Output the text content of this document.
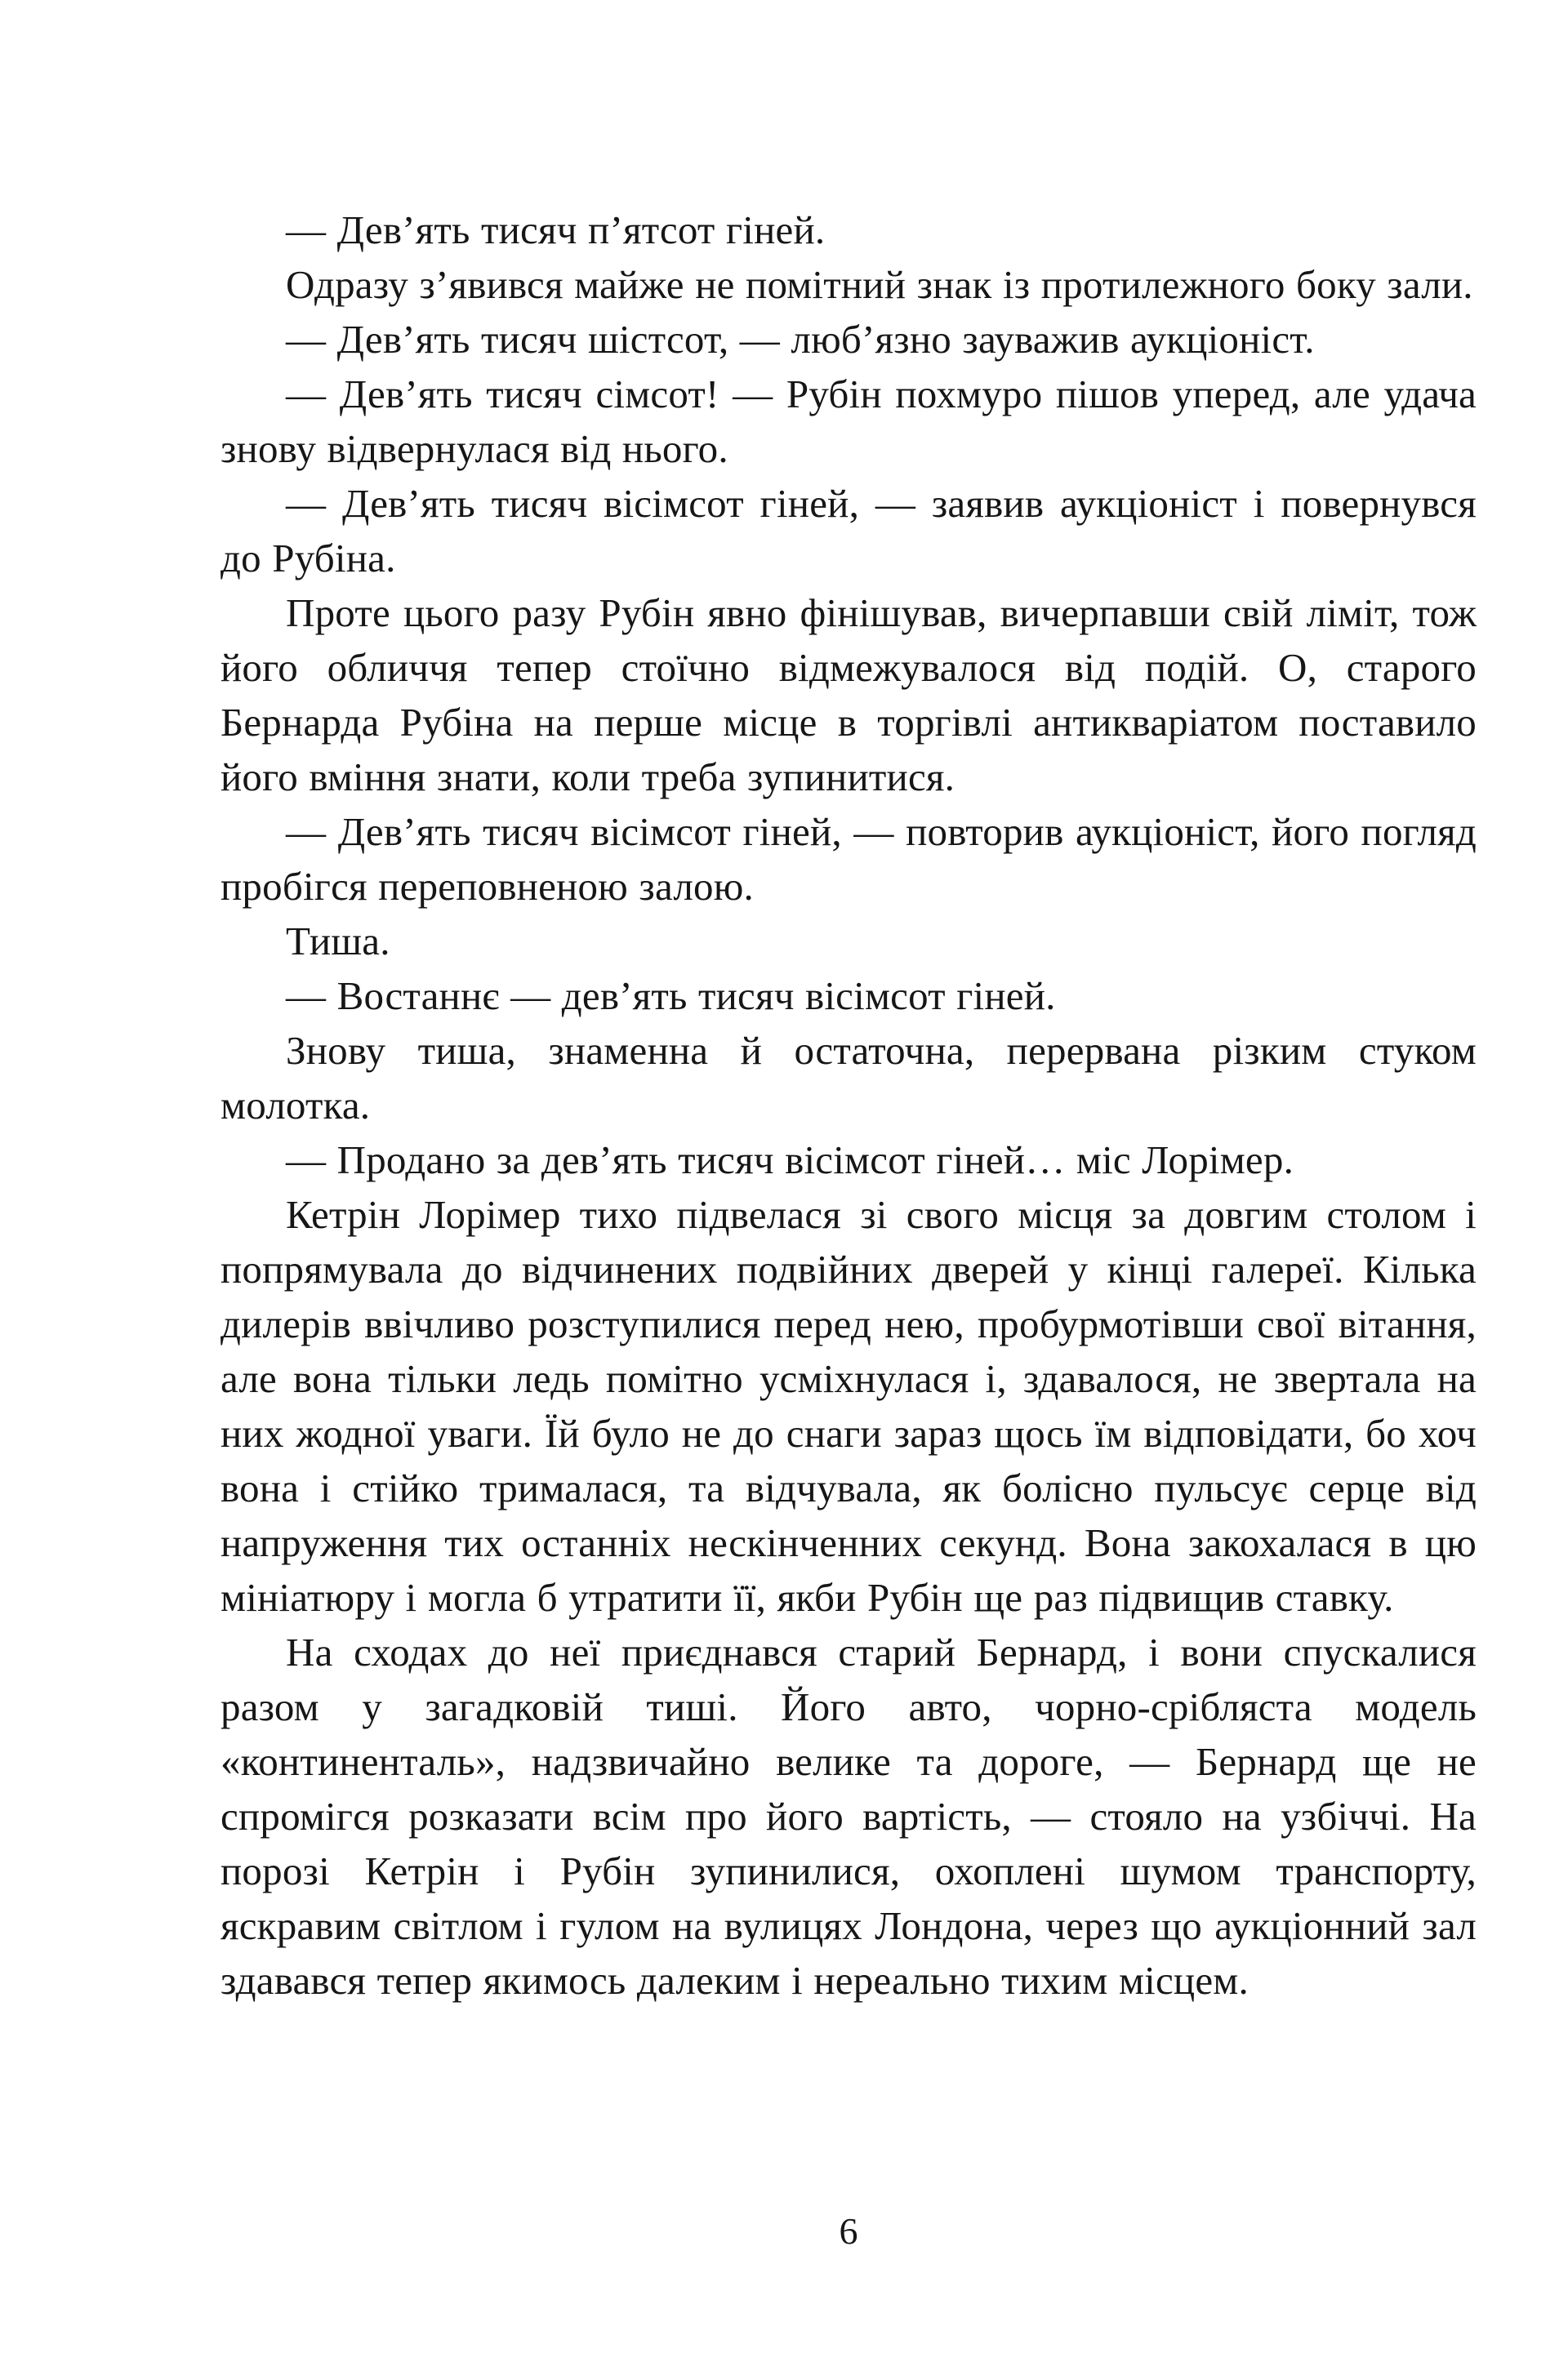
— Дев’ять тисяч п’ятсот гіней.

Одразу з’явився майже не помітний знак із протилежного боку зали.

— Дев’ять тисяч шістсот, — люб’язно зауважив аукціоніст.

— Дев’ять тисяч сімсот! — Рубін похмуро пішов уперед, але удача знову відвернулася від нього.

— Дев’ять тисяч вісімсот гіней, — заявив аукціоніст і повернувся до Рубіна.

Проте цього разу Рубін явно фінішував, вичерпавши свій ліміт, тож його обличчя тепер стоїчно відмежувалося від подій. О, старого Бернарда Рубіна на перше місце в торгівлі антикваріатом поставило його вміння знати, коли треба зупинитися.

— Дев’ять тисяч вісімсот гіней, — повторив аукціоніст, його погляд пробігся переповненою залою.

Тиша.

— Востаннє — дев’ять тисяч вісімсот гіней.

Знову тиша, знаменна й остаточна, перервана різким стуком молотка.

— Продано за дев’ять тисяч вісімсот гіней… міс Лорімер.

Кетрін Лорімер тихо підвелася зі свого місця за довгим столом і попрямувала до відчинених подвійних дверей у кінці галереї. Кілька дилерів ввічливо розступилися перед нею, пробурмотівши свої вітання, але вона тільки ледь помітно усміхнулася і, здавалося, не звертала на них жодної уваги. Їй було не до снаги зараз щось їм відповідати, бо хоч вона і стійко трималася, та відчувала, як болісно пульсує серце від напруження тих останніх нескінченних секунд. Вона закохалася в цю мініатюру і могла б утратити її, якби Рубін ще раз підвищив ставку.

На сходах до неї приєднався старий Бернард, і вони спускалися разом у загадковій тиші. Його авто, чорно-срібляста модель «континенталь», надзвичайно велике та дороге, — Бернард ще не спромігся розказати всім про його вартість, — стояло на узбіччі. На порозі Кетрін і Рубін зупинилися, охоплені шумом транспорту, яскравим світлом і гулом на вулицях Лондона, через що аукціонний зал здавався тепер якимось далеким і нереально тихим місцем.

6
